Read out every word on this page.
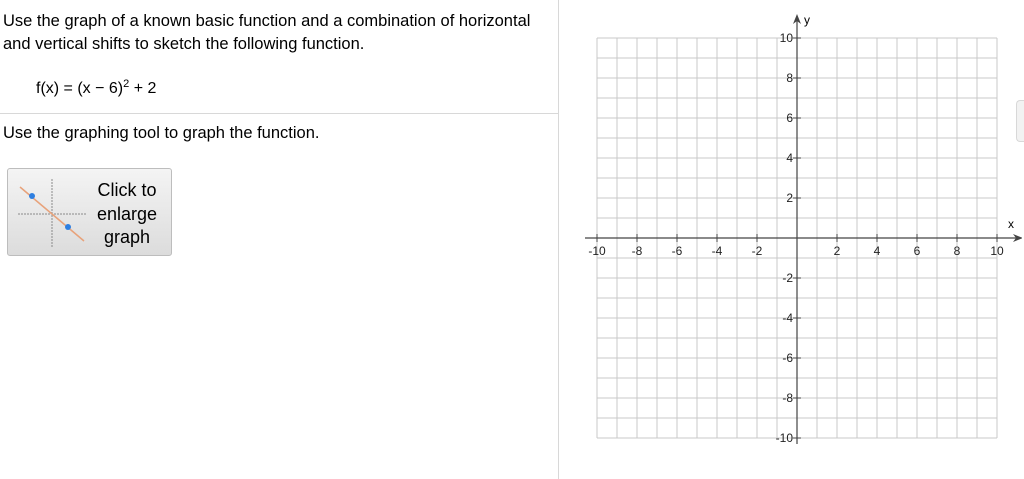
Use the graph of a known basic function and a combination of horizontal and vertical shifts to sketch the following function.
$f(x) = (x - 6)^2 + 2$
Use the graphing tool to graph the function.
Click to
enlarge
graph
-10 -8 -6 -4 -2	2	4	6	8 10
10
8
6
4
2
-2
-4
-6
-8
-10
x
y
